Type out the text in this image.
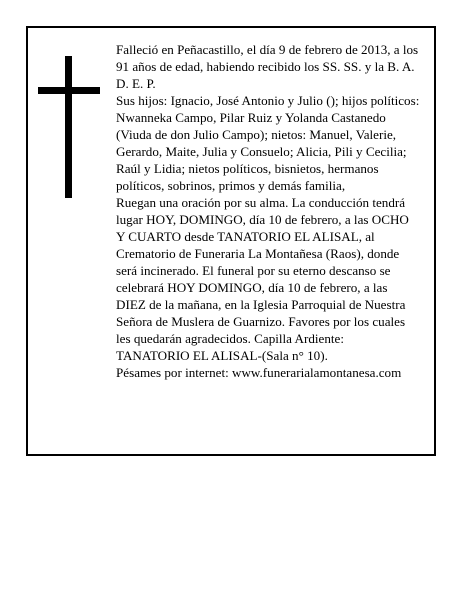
Falleció en Peñacastillo, el día 9 de febrero de 2013, a los 91 años de edad, habiendo recibido los SS. SS. y la B. A.

D. E. P.

Sus hijos: Ignacio, José Antonio y Julio (); hijos políticos: Nwanneka Campo, Pilar Ruiz y Yolanda Castanedo (Viuda de don Julio Campo); nietos: Manuel, Valerie, Gerardo, Maite, Julia y Consuelo; Alicia, Pili y Cecilia; Raúl y Lidia; nietos políticos, bisnietos, hermanos políticos, sobrinos, primos y demás familia,

Ruegan una oración por su alma. La conducción tendrá lugar HOY, DOMINGO, día 10 de febrero, a las OCHO Y CUARTO desde TANATORIO EL ALISAL, al Crematorio de Funeraria La Montañesa (Raos), donde será incinerado. El funeral por su eterno descanso se celebrará HOY DOMINGO, día 10 de febrero, a las DIEZ de la mañana, en la Iglesia Parroquial de Nuestra Señora de Muslera de Guarnizo. Favores por los cuales les quedarán agradecidos. Capilla Ardiente: TANATORIO EL ALISAL-(Sala n° 10).

Pésames por internet: www.funerarialamontanesa.com
